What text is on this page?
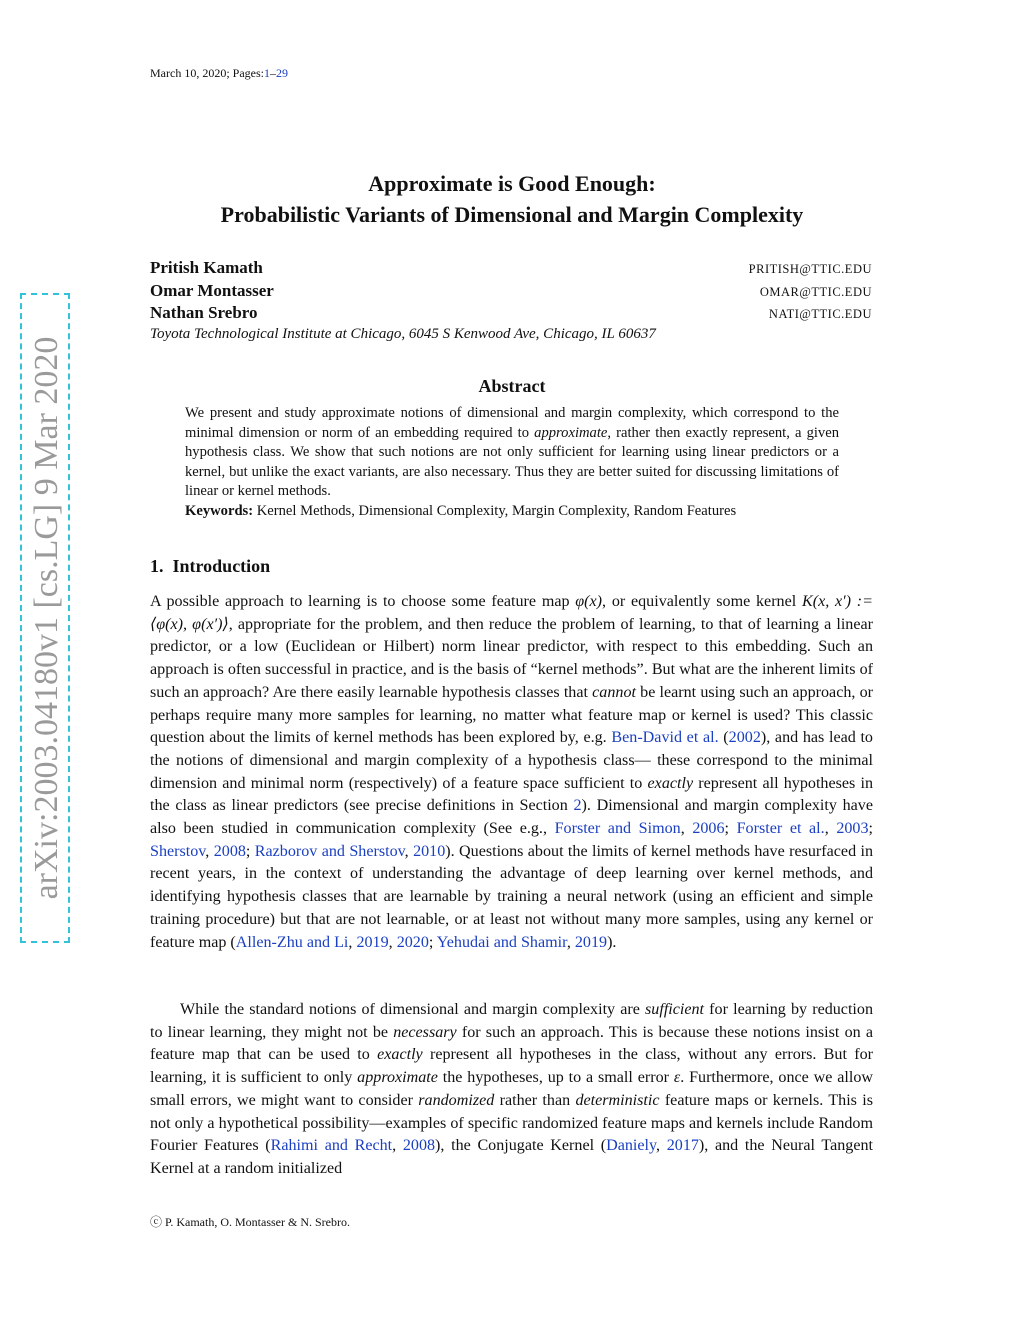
March 10, 2020; Pages:1–29
Approximate is Good Enough:
Probabilistic Variants of Dimensional and Margin Complexity
Pritish Kamath	PRITISH@TTIC.EDU
Omar Montasser	OMAR@TTIC.EDU
Nathan Srebro	NATI@TTIC.EDU
Toyota Technological Institute at Chicago, 6045 S Kenwood Ave, Chicago, IL 60637
Abstract
We present and study approximate notions of dimensional and margin complexity, which correspond to the minimal dimension or norm of an embedding required to approximate, rather then exactly represent, a given hypothesis class. We show that such notions are not only sufficient for learning using linear predictors or a kernel, but unlike the exact variants, are also necessary. Thus they are better suited for discussing limitations of linear or kernel methods.
Keywords: Kernel Methods, Dimensional Complexity, Margin Complexity, Random Features
1. Introduction
A possible approach to learning is to choose some feature map φ(x), or equivalently some kernel K(x, x′) := ⟨φ(x), φ(x′)⟩, appropriate for the problem, and then reduce the problem of learning, to that of learning a linear predictor, or a low (Euclidean or Hilbert) norm linear predictor, with respect to this embedding. Such an approach is often successful in practice, and is the basis of “kernel methods”. But what are the inherent limits of such an approach? Are there easily learnable hypothesis classes that cannot be learnt using such an approach, or perhaps require many more samples for learning, no matter what feature map or kernel is used? This classic question about the limits of kernel methods has been explored by, e.g. Ben-David et al. (2002), and has lead to the notions of dimensional and margin complexity of a hypothesis class— these correspond to the minimal dimension and minimal norm (respectively) of a feature space sufficient to exactly represent all hypotheses in the class as linear predictors (see precise definitions in Section 2). Dimensional and margin complexity have also been studied in communication complexity (See e.g., Forster and Simon, 2006; Forster et al., 2003; Sherstov, 2008; Razborov and Sherstov, 2010). Questions about the limits of kernel methods have resurfaced in recent years, in the context of understanding the advantage of deep learning over kernel methods, and identifying hypothesis classes that are learnable by training a neural network (using an efficient and simple training procedure) but that are not learnable, or at least not without many more samples, using any kernel or feature map (Allen-Zhu and Li, 2019, 2020; Yehudai and Shamir, 2019).
While the standard notions of dimensional and margin complexity are sufficient for learning by reduction to linear learning, they might not be necessary for such an approach. This is because these notions insist on a feature map that can be used to exactly represent all hypotheses in the class, without any errors. But for learning, it is sufficient to only approximate the hypotheses, up to a small error ε. Furthermore, once we allow small errors, we might want to consider randomized rather than deterministic feature maps or kernels. This is not only a hypothetical possibility—examples of specific randomized feature maps and kernels include Random Fourier Features (Rahimi and Recht, 2008), the Conjugate Kernel (Daniely, 2017), and the Neural Tangent Kernel at a random initialized
ⓒ P. Kamath, O. Montasser & N. Srebro.
arXiv:2003.04180v1 [cs.LG] 9 Mar 2020
